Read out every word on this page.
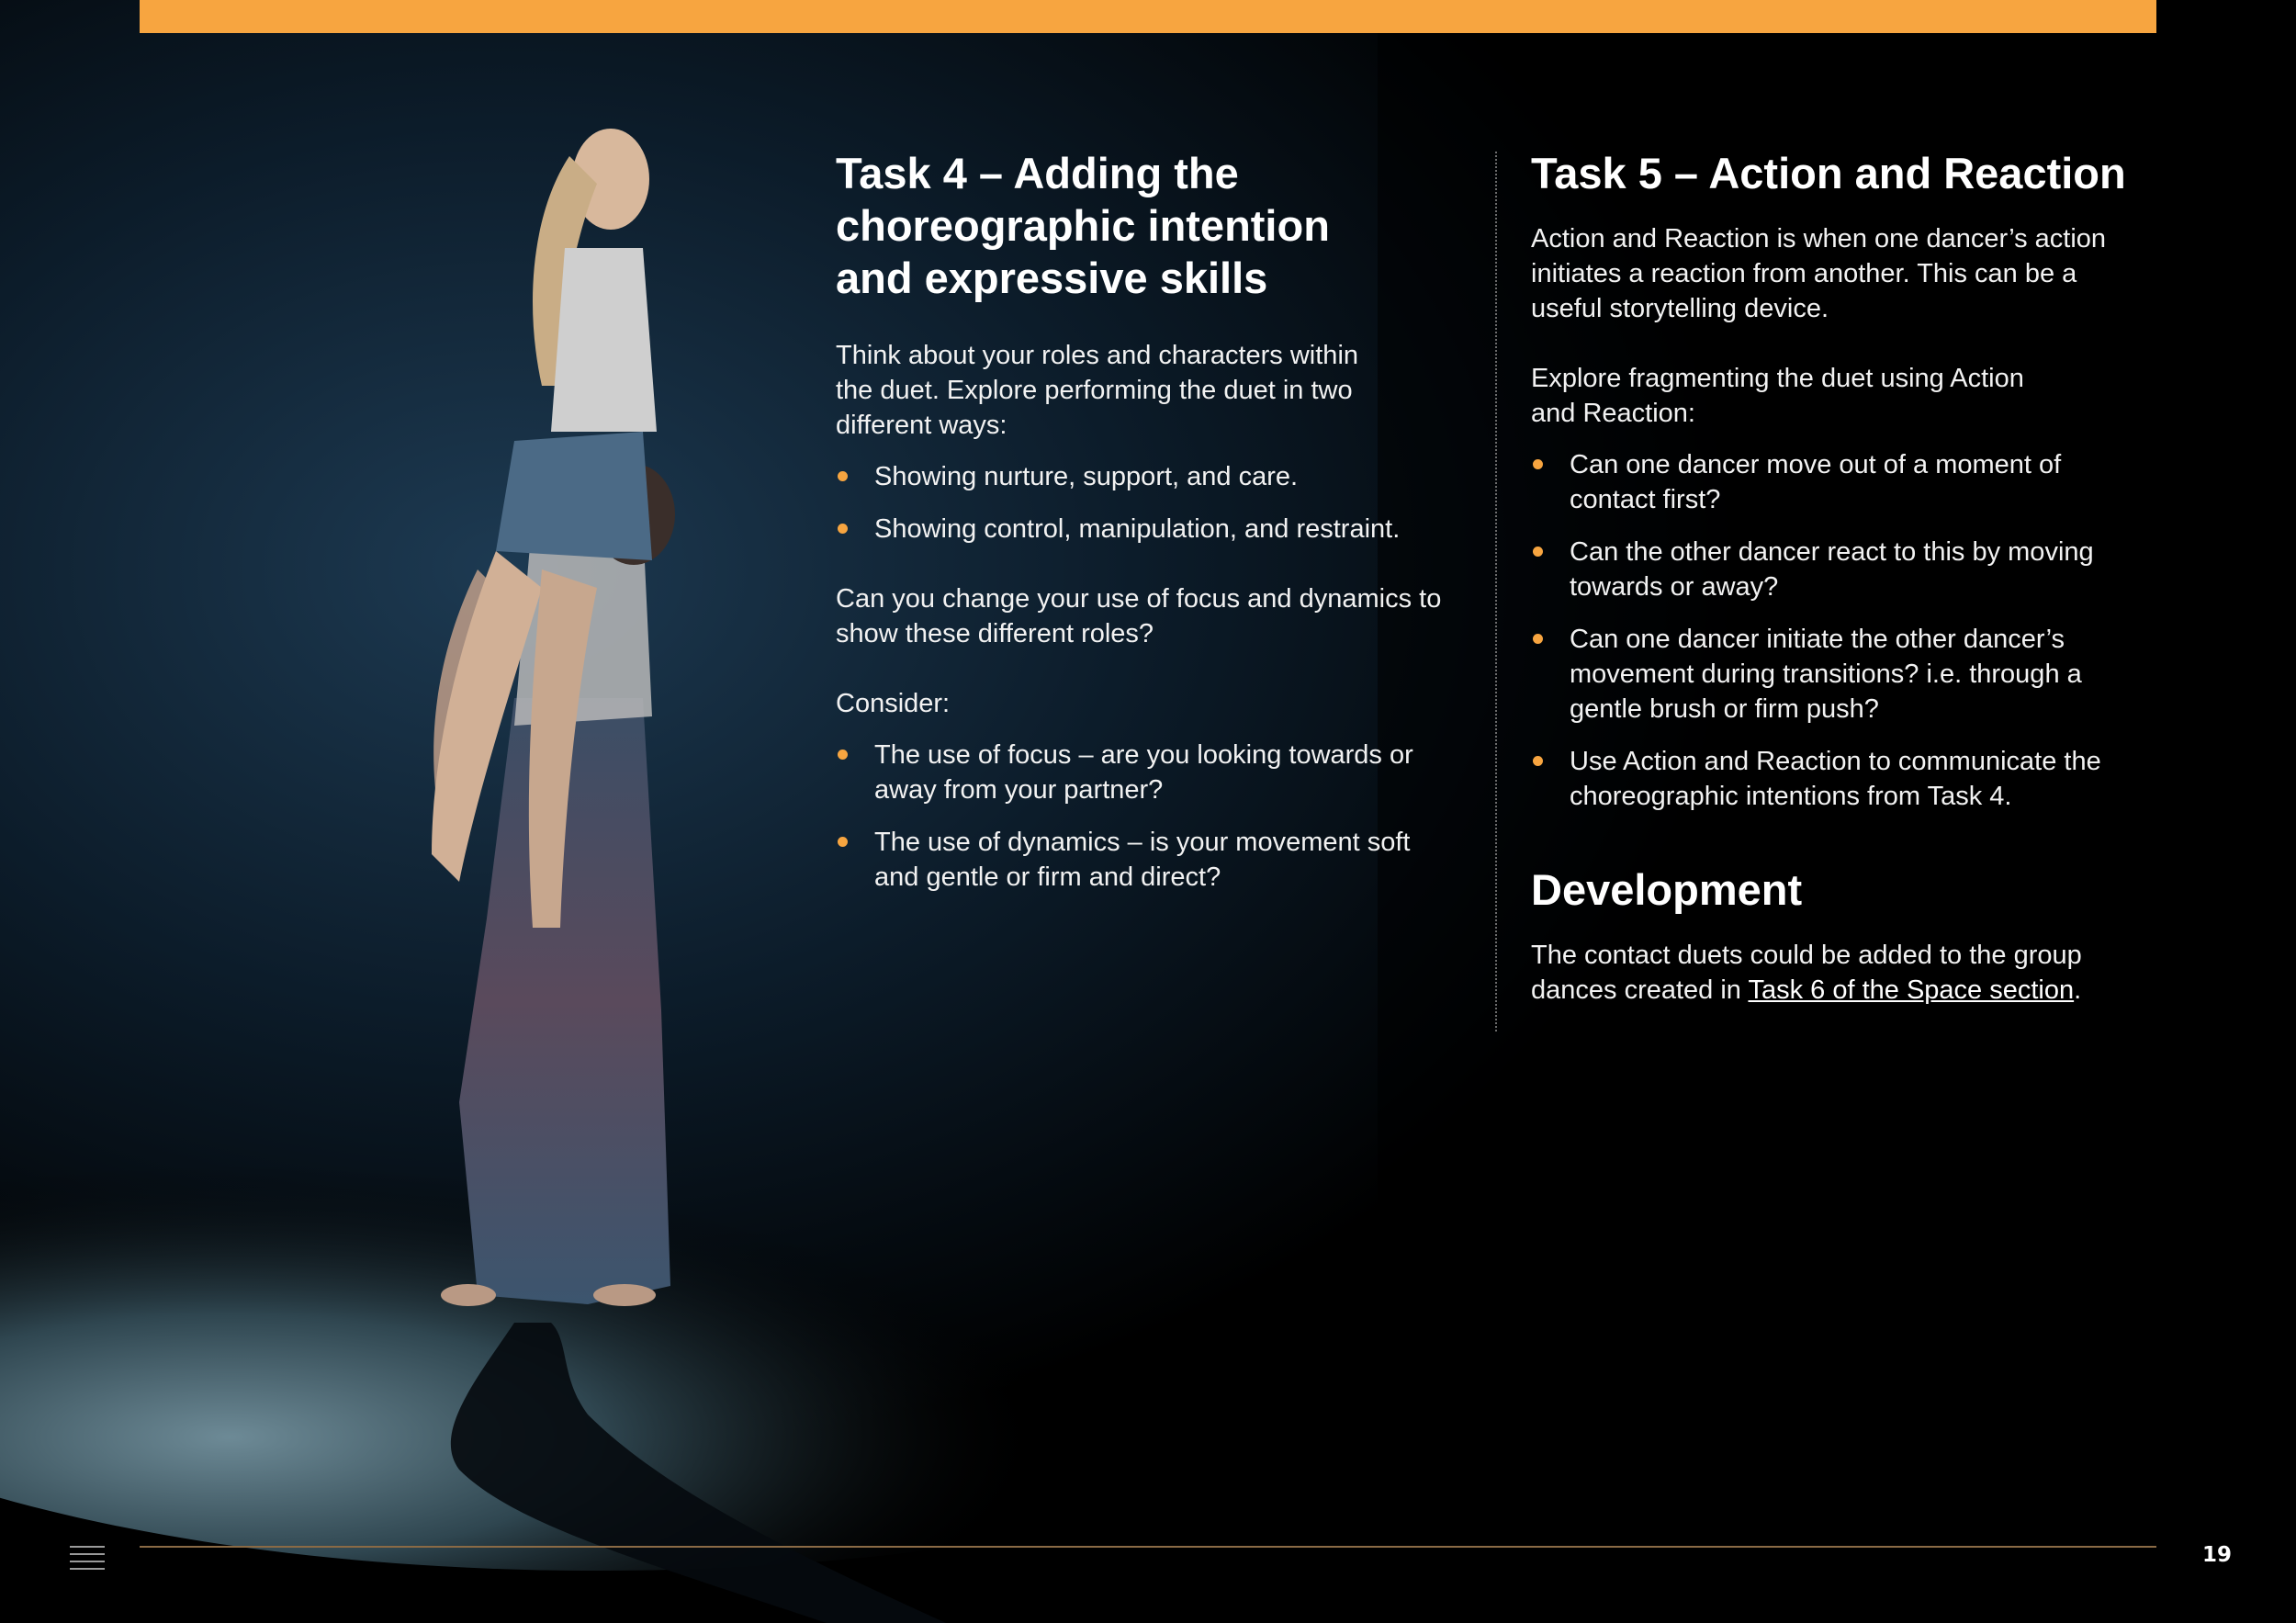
Task 4 – Adding the
choreographic intention
and expressive skills

Think about your roles and characters within
the duet. Explore performing the duet in two
different ways:

Showing nurture, support, and care.
Showing control, manipulation, and restraint.

Can you change your use of focus and dynamics to
show these different roles?

Consider:

The use of focus – are you looking towards or
away from your partner?
The use of dynamics – is your movement soft
and gentle or firm and direct?
Task 5 – Action and Reaction

Action and Reaction is when one dancer’s action
initiates a reaction from another. This can be a
useful storytelling device.

Explore fragmenting the duet using Action
and Reaction:

Can one dancer move out of a moment of
contact first?
Can the other dancer react to this by moving
towards or away?
Can one dancer initiate the other dancer’s
movement during transitions? i.e. through a
gentle brush or firm push?
Use Action and Reaction to communicate the
choreographic intentions from Task 4.
Development

The contact duets could be added to the group
dances created in Task 6 of the Space section.

19
